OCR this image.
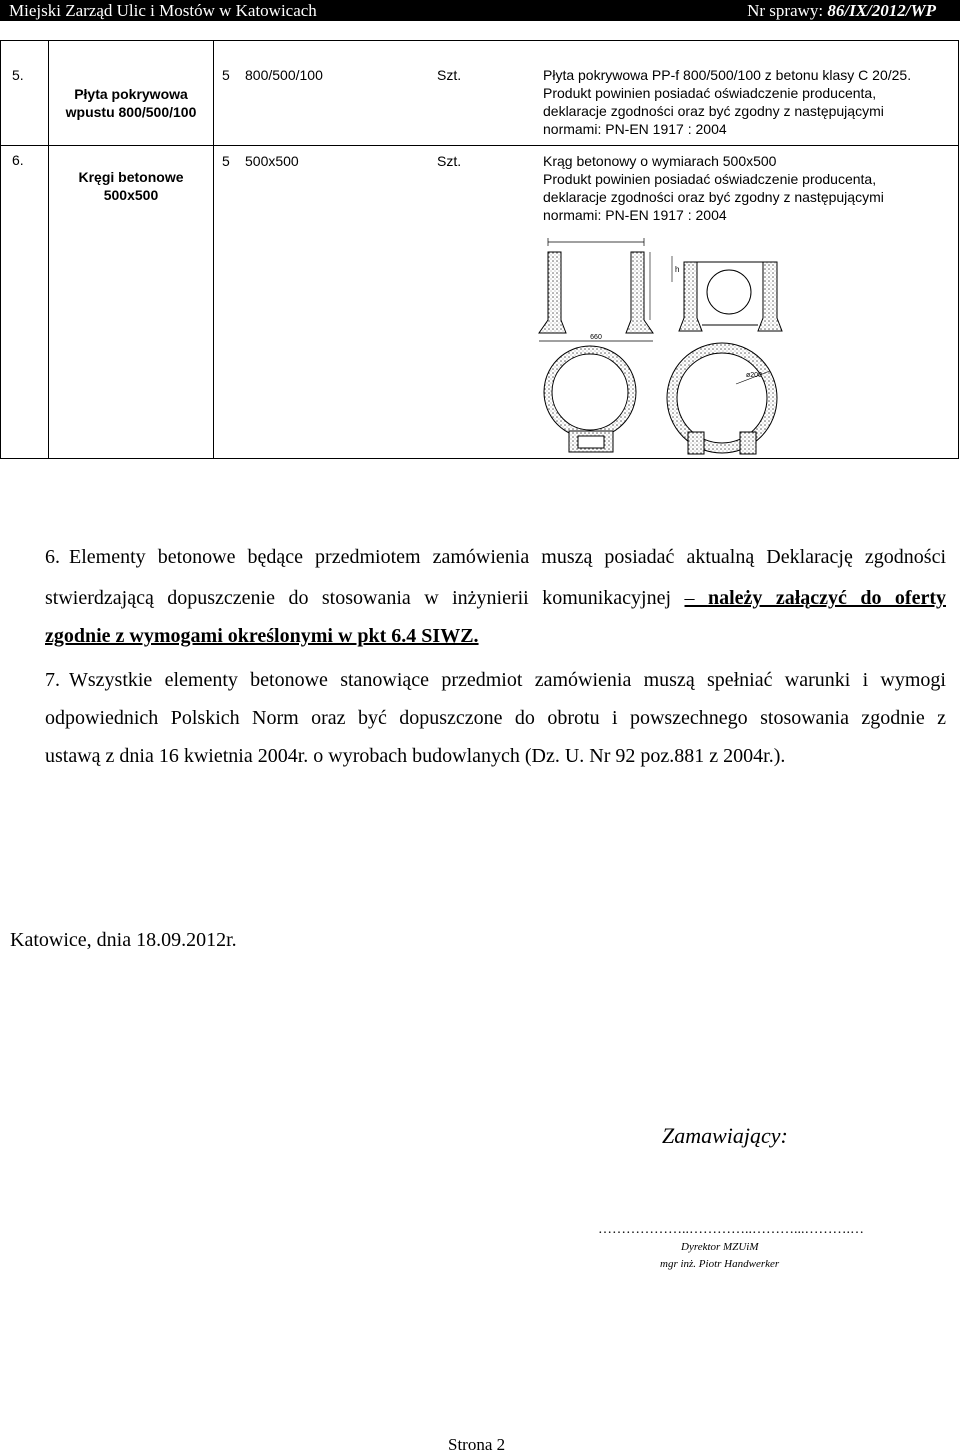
Miejski Zarząd Ulic i Mostów w Katowicach	Nr sprawy: 86/IX/2012/WP
5.
Płyta pokrywowa
wpustu 800/500/100
5 800/500/100	Szt.	Płyta pokrywowa PP-f 800/500/100 z betonu klasy C 20/25.
Produkt powinien posiadać oświadczenie producenta,
deklaracje zgodności oraz być zgodny z następującymi
normami: PN-EN 1917 : 2004
6.
Kręgi betonowe
500x500
5 500x500	Szt.	Krąg betonowy o wymiarach 500x500
Produkt powinien posiadać oświadczenie producenta,
deklaracje zgodności oraz być zgodny z następującymi
normami: PN-EN 1917 : 2004
660
h
ø200
6. Elementy betonowe będące przedmiotem zamówienia muszą posiadać aktualną Deklarację zgodności
stwierdzającą dopuszczenie do stosowania w inżynierii komunikacyjnej – należy załączyć do oferty
zgodnie z wymogami określonymi w pkt 6.4 SIWZ.
7. Wszystkie elementy betonowe stanowiące przedmiot zamówienia muszą spełniać warunki i wymogi
odpowiednich Polskich Norm oraz być dopuszczone do obrotu i powszechnego stosowania zgodnie z
ustawą z dnia 16 kwietnia 2004r. o wyrobach budowlanych (Dz. U. Nr 92 poz.881 z 2004r.).
Katowice, dnia 18.09.2012r.
Zamawiający:
………………..…………..………...……….…
Dyrektor MZUiM
mgr inż. Piotr Handwerker
Strona 2
